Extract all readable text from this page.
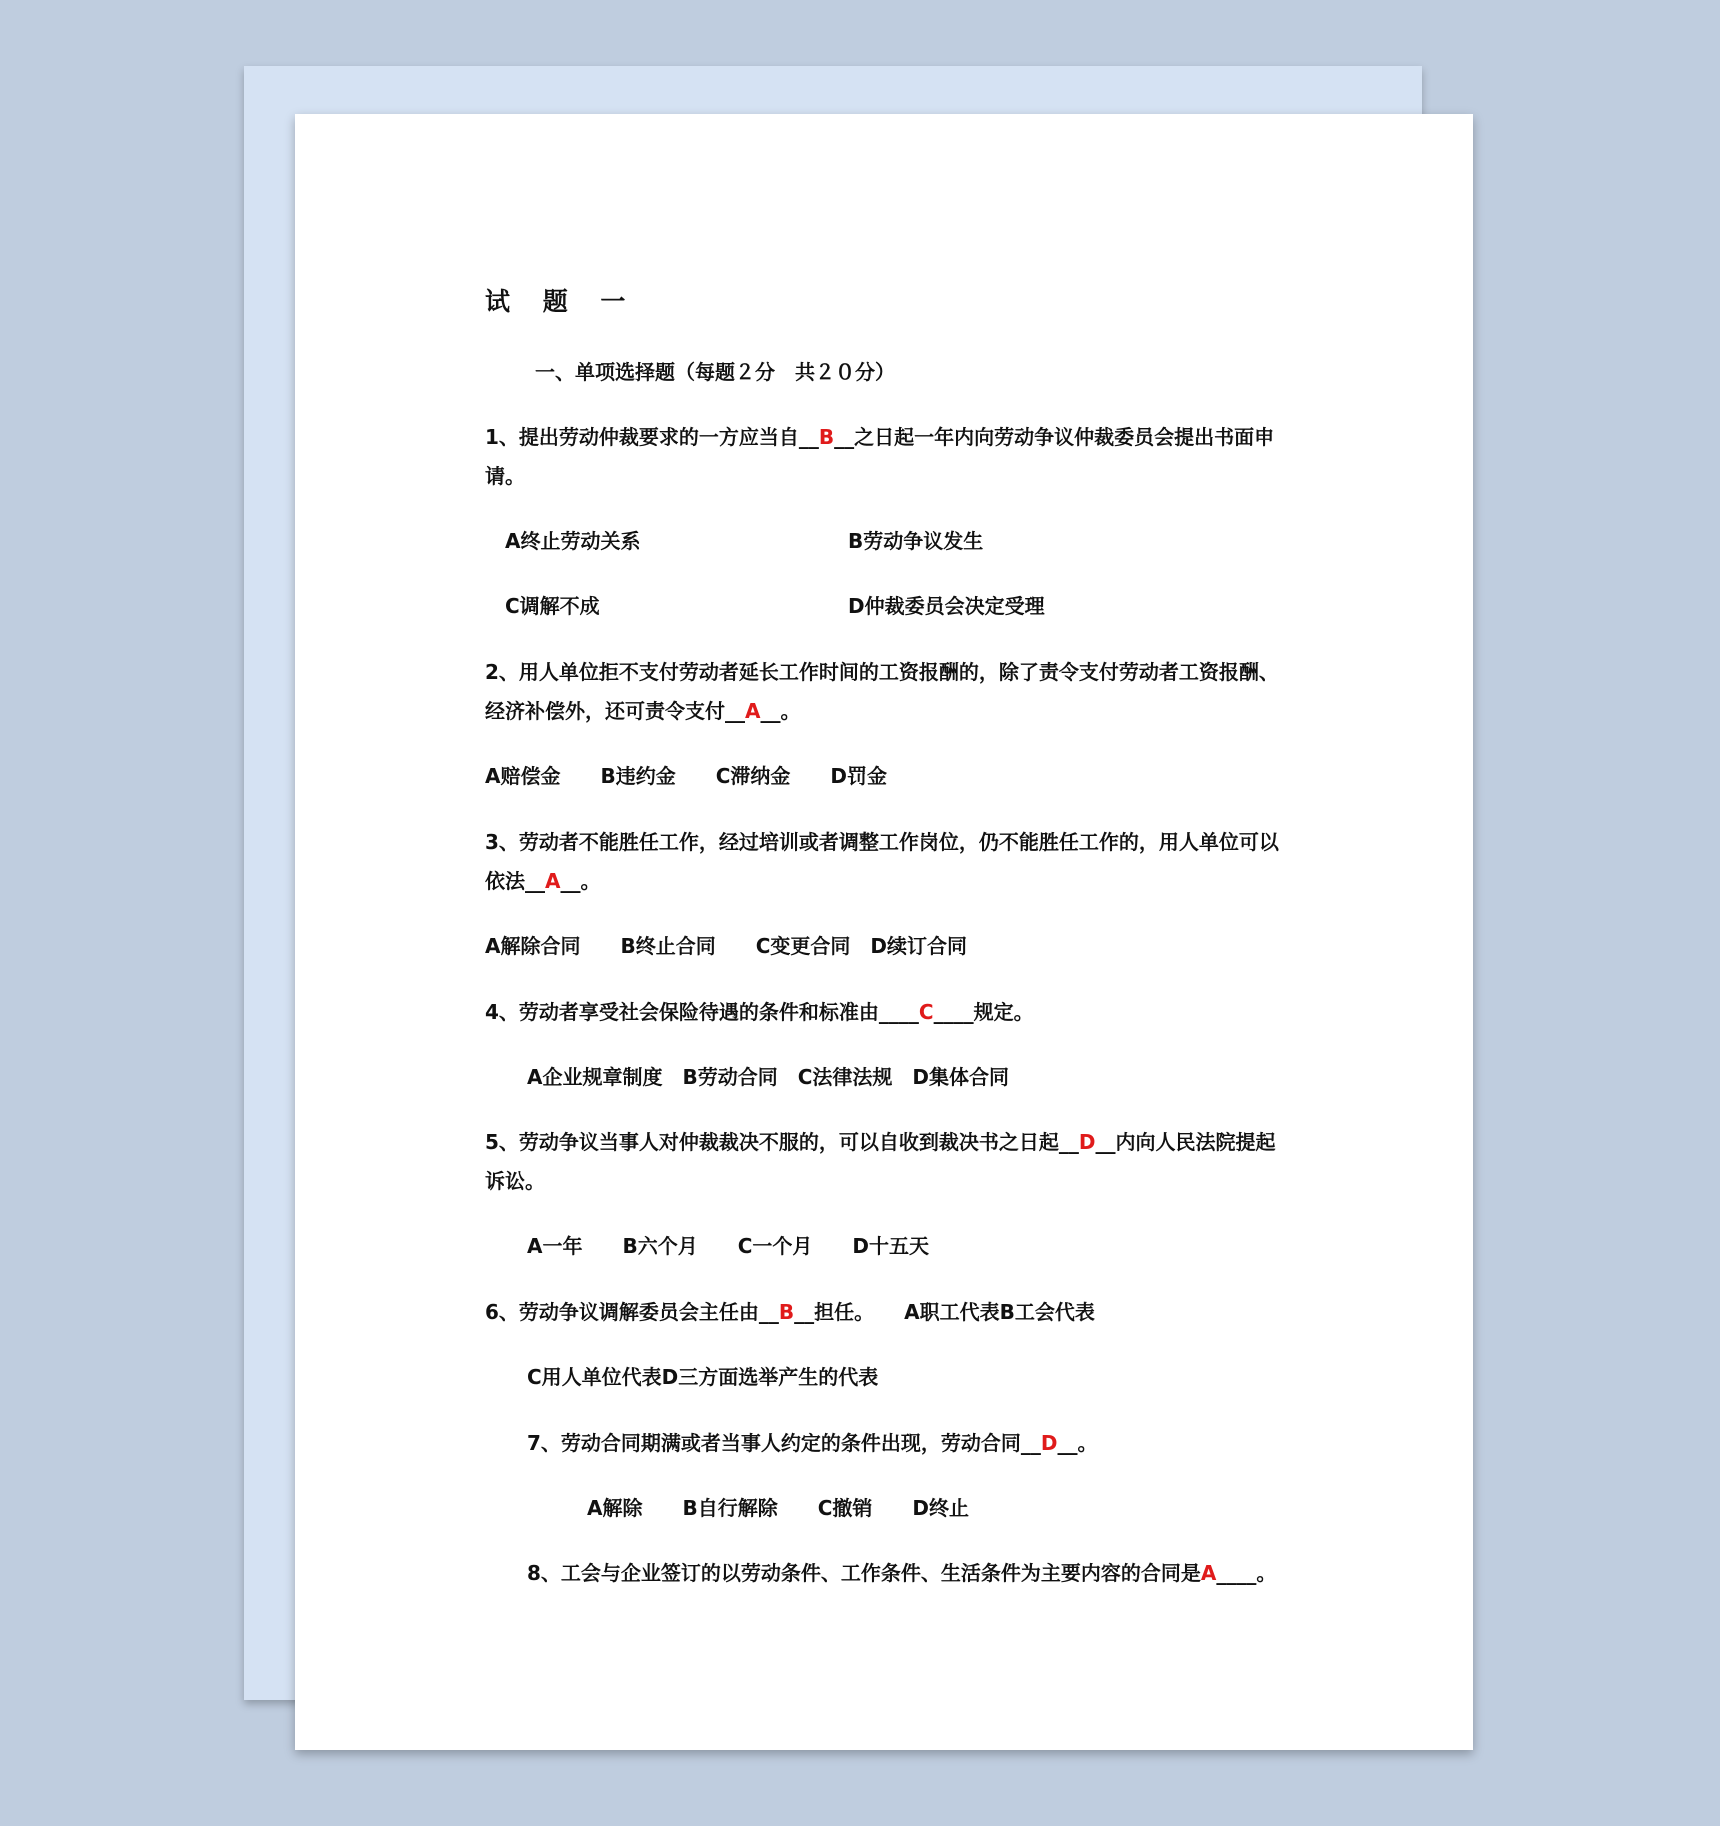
试 题 一
一、单项选择题（每题２分　共２０分）
1、提出劳动仲裁要求的一方应当自__B__之日起一年内向劳动争议仲裁委员会提出书面申
请。
A终止劳动关系	B劳动争议发生
C调解不成	D仲裁委员会决定受理
2、用人单位拒不支付劳动者延长工作时间的工资报酬的，除了责令支付劳动者工资报酬、
经济补偿外，还可责令支付__A__。
A赔偿金　　B违约金　　C滞纳金　　D罚金
3、劳动者不能胜任工作，经过培训或者调整工作岗位，仍不能胜任工作的，用人单位可以
依法__A__。
A解除合同　　B终止合同　　C变更合同　D续订合同
4、劳动者享受社会保险待遇的条件和标准由____C____规定。
A企业规章制度　B劳动合同　C法律法规　D集体合同
5、劳动争议当事人对仲裁裁决不服的，可以自收到裁决书之日起__D__内向人民法院提起
诉讼。
A一年　　B六个月　　C一个月　　D十五天
6、劳动争议调解委员会主任由__B__担任。　　A职工代表B工会代表
C用人单位代表D三方面选举产生的代表
7、劳动合同期满或者当事人约定的条件出现，劳动合同__D__。
A解除　　B自行解除　　C撤销　　D终止
8、工会与企业签订的以劳动条件、工作条件、生活条件为主要内容的合同是A____。
